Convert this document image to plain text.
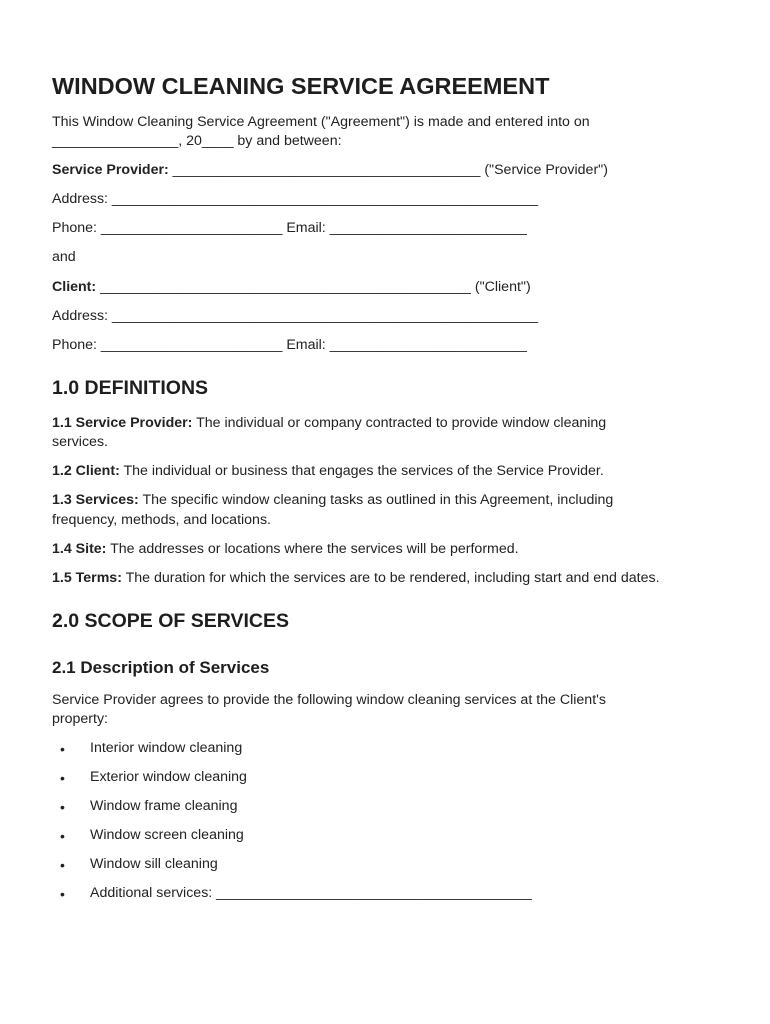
WINDOW CLEANING SERVICE AGREEMENT
This Window Cleaning Service Agreement ("Agreement") is made and entered into on
________________, 20____ by and between:
Service Provider: _______________________________________ ("Service Provider")
Address: ______________________________________________________
Phone: _______________________ Email: _________________________
and
Client: _______________________________________________ ("Client")
Address: ______________________________________________________
Phone: _______________________ Email: _________________________
1.0 DEFINITIONS
1.1 Service Provider: The individual or company contracted to provide window cleaning
services.
1.2 Client: The individual or business that engages the services of the Service Provider.
1.3 Services: The specific window cleaning tasks as outlined in this Agreement, including
frequency, methods, and locations.
1.4 Site: The addresses or locations where the services will be performed.
1.5 Terms: The duration for which the services are to be rendered, including start and end dates.
2.0 SCOPE OF SERVICES
2.1 Description of Services
Service Provider agrees to provide the following window cleaning services at the Client's
property:
• Interior window cleaning
• Exterior window cleaning
• Window frame cleaning
• Window screen cleaning
• Window sill cleaning
• Additional services: ________________________________________
